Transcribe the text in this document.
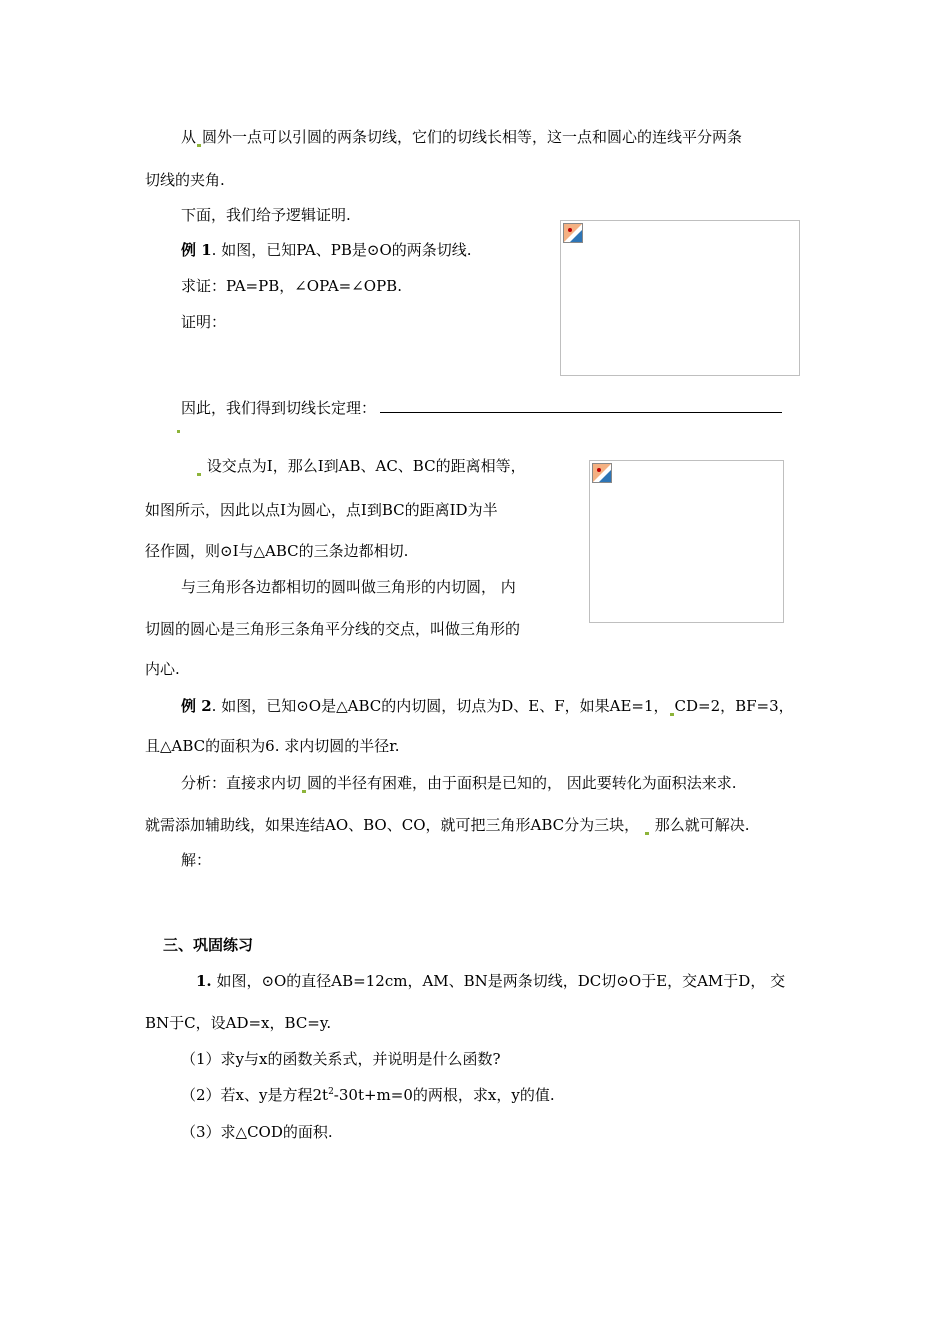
从 圆外一点可以引圆的两条切线，它们的切线长相等，这一点和圆心的连线平分两条
切线的夹角.
下面，我们给予逻辑证明.
例 1. 如图，已知PA、PB是⊙O的两条切线.
求证：PA=PB，∠OPA=∠OPB.
证明：
因此，我们得到切线长定理：
设交点为I，那么I到AB、AC、BC的距离相等，
如图所示，因此以点I为圆心，点I到BC的距离ID为半
径作圆，则⊙I与△ABC的三条边都相切.
与三角形各边都相切的圆叫做三角形的内切圆， 内
切圆的圆心是三角形三条角平分线的交点，叫做三角形的
内心.
例 2. 如图，已知⊙O是△ABC的内切圆，切点为D、E、F，如果AE=1， CD=2，BF=3，
且△ABC的面积为6. 求内切圆的半径r.
分析：直接求内切 圆的半径有困难，由于面积是已知的， 因此要转化为面积法来求.
就需添加辅助线，如果连结AO、BO、CO，就可把三角形ABC分为三块， 那么就可解决.
解：
三、巩固练习
1. 如图，⊙O的直径AB=12cm，AM、BN是两条切线，DC切⊙O于E，交AM于D， 交
BN于C，设AD=x，BC=y.
（1）求y与x的函数关系式，并说明是什么函数?
（2）若x、y是方程$2t^2-30t+m=0$的两根，求x，y的值.
（3）求△COD的面积.
